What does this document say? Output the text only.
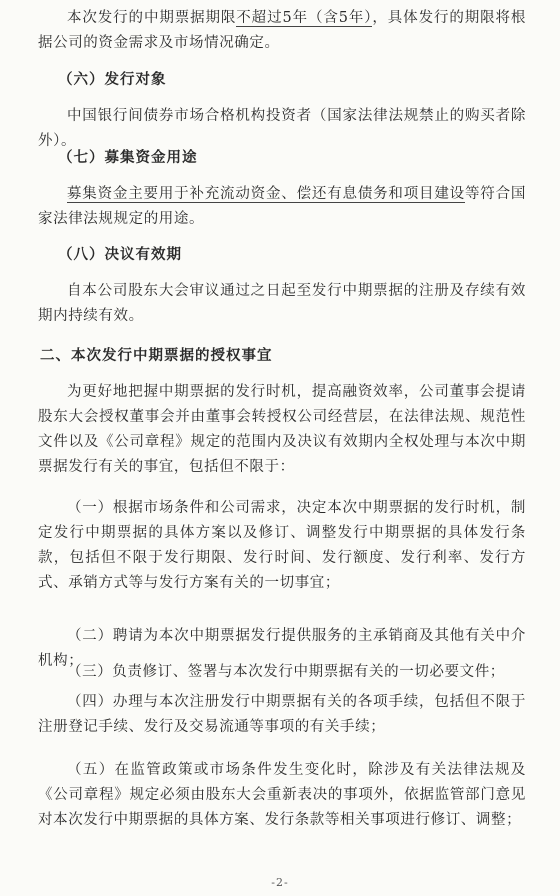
本次发行的中期票据期限不超过5年（含5年），具体发行的期限将根据公司的资金需求及市场情况确定。

（六）发行对象

中国银行间债券市场合格机构投资者（国家法律法规禁止的购买者除外）。

（七）募集资金用途

募集资金主要用于补充流动资金、偿还有息债务和项目建设等符合国家法律法规规定的用途。

（八）决议有效期

自本公司股东大会审议通过之日起至发行中期票据的注册及存续有效期内持续有效。

二、本次发行中期票据的授权事宜

为更好地把握中期票据的发行时机，提高融资效率，公司董事会提请股东大会授权董事会并由董事会转授权公司经营层，在法律法规、规范性文件以及《公司章程》规定的范围内及决议有效期内全权处理与本次中期票据发行有关的事宜，包括但不限于：

（一）根据市场条件和公司需求，决定本次中期票据的发行时机，制定发行中期票据的具体方案以及修订、调整发行中期票据的具体发行条款，包括但不限于发行期限、发行时间、发行额度、发行利率、发行方式、承销方式等与发行方案有关的一切事宜；

（二）聘请为本次中期票据发行提供服务的主承销商及其他有关中介机构；

（三）负责修订、签署与本次发行中期票据有关的一切必要文件；

（四）办理与本次注册发行中期票据有关的各项手续，包括但不限于注册登记手续、发行及交易流通等事项的有关手续；

（五）在监管政策或市场条件发生变化时，除涉及有关法律法规及《公司章程》规定必须由股东大会重新表决的事项外，依据监管部门意见对本次发行中期票据的具体方案、发行条款等相关事项进行修订、调整；

-2-
